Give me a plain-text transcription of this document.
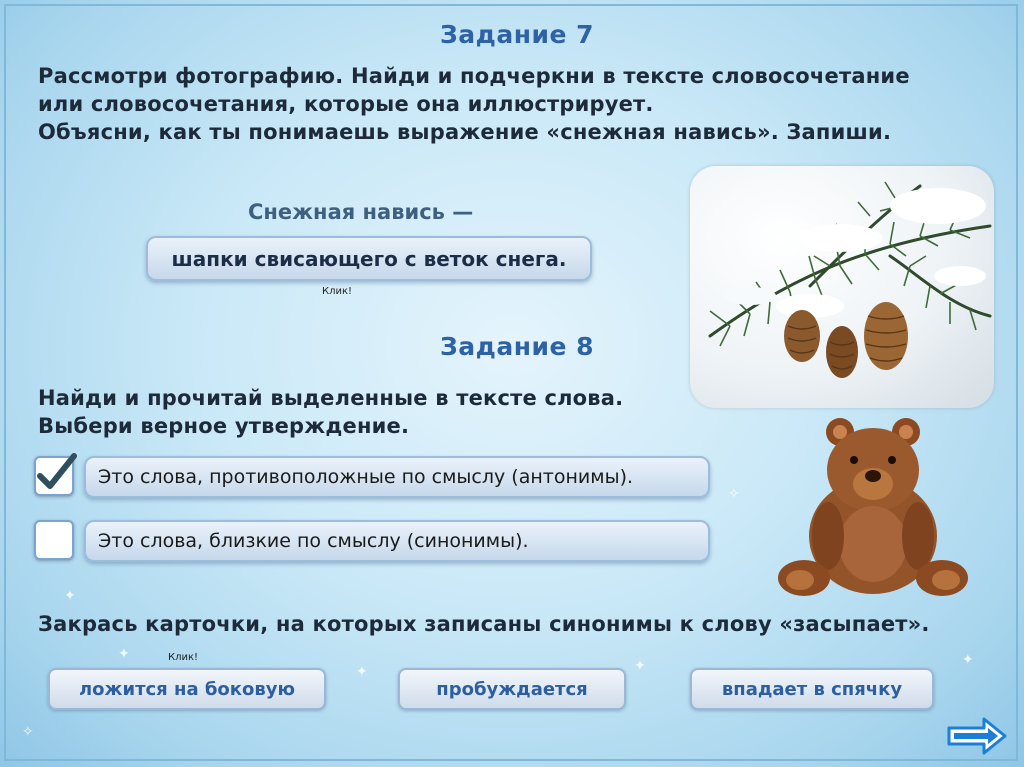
✦
✦
✦	✦
✧
✦
✧
Задание 7
Рассмотри фотографию. Найди и подчеркни в тексте словосочетание
или словосочетания, которые она иллюстрирует.
Объясни, как ты понимаешь выражение «снежная навись». Запиши.
Снежная навись —
шапки свисающего с веток снега.
Клик!
Задание 8
Найди и прочитай выделенные в тексте слова.
Выбери верное утверждение.
Это слова, противоположные по смыслу (антонимы).
Это слова, близкие по смыслу (синонимы).
Закрась карточки, на которых записаны синонимы к слову «засыпает».
Клик!
ложится на боковую	пробуждается	впадает в спячку
